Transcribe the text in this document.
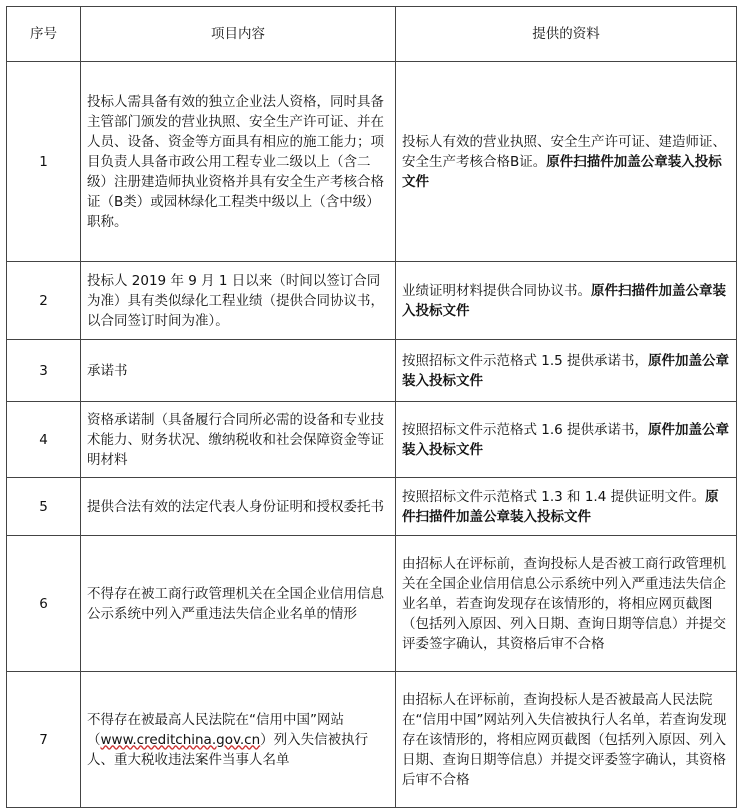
序号	项目内容	提供的资料
1	投标人需具备有效的独立企业法人资格，同时具备主管部门颁发的营业执照、安全生产许可证、并在人员、设备、资金等方面具有相应的施工能力；项目负责人具备市政公用工程专业二级以上（含二级）注册建造师执业资格并具有安全生产考核合格证（B类）或园林绿化工程类中级以上（含中级）职称。	投标人有效的营业执照、安全生产许可证、建造师证、安全生产考核合格B证。原件扫描件加盖公章装入投标文件
2	投标人 2019 年 9 月 1 日以来（时间以签订合同为准）具有类似绿化工程业绩（提供合同协议书，以合同签订时间为准）。	业绩证明材料提供合同协议书。原件扫描件加盖公章装入投标文件
3	承诺书	按照招标文件示范格式 1.5 提供承诺书，原件加盖公章装入投标文件
4	资格承诺制（具备履行合同所必需的设备和专业技术能力、财务状况、缴纳税收和社会保障资金等证明材料	按照招标文件示范格式 1.6 提供承诺书，原件加盖公章装入投标文件
5	提供合法有效的法定代表人身份证明和授权委托书	按照招标文件示范格式 1.3 和 1.4 提供证明文件。原件扫描件加盖公章装入投标文件
6	不得存在被工商行政管理机关在全国企业信用信息公示系统中列入严重违法失信企业名单的情形	由招标人在评标前，查询投标人是否被工商行政管理机关在全国企业信用信息公示系统中列入严重违法失信企业名单，若查询发现存在该情形的，将相应网页截图（包括列入原因、列入日期、查询日期等信息）并提交评委签字确认，其资格后审不合格
7	不得存在被最高人民法院在“信用中国”网站（www.creditchina.gov.cn）列入失信被执行人、重大税收违法案件当事人名单	由招标人在评标前，查询投标人是否被最高人民法院在“信用中国”网站列入失信被执行人名单，若查询发现存在该情形的，将相应网页截图（包括列入原因、列入日期、查询日期等信息）并提交评委签字确认，其资格后审不合格
